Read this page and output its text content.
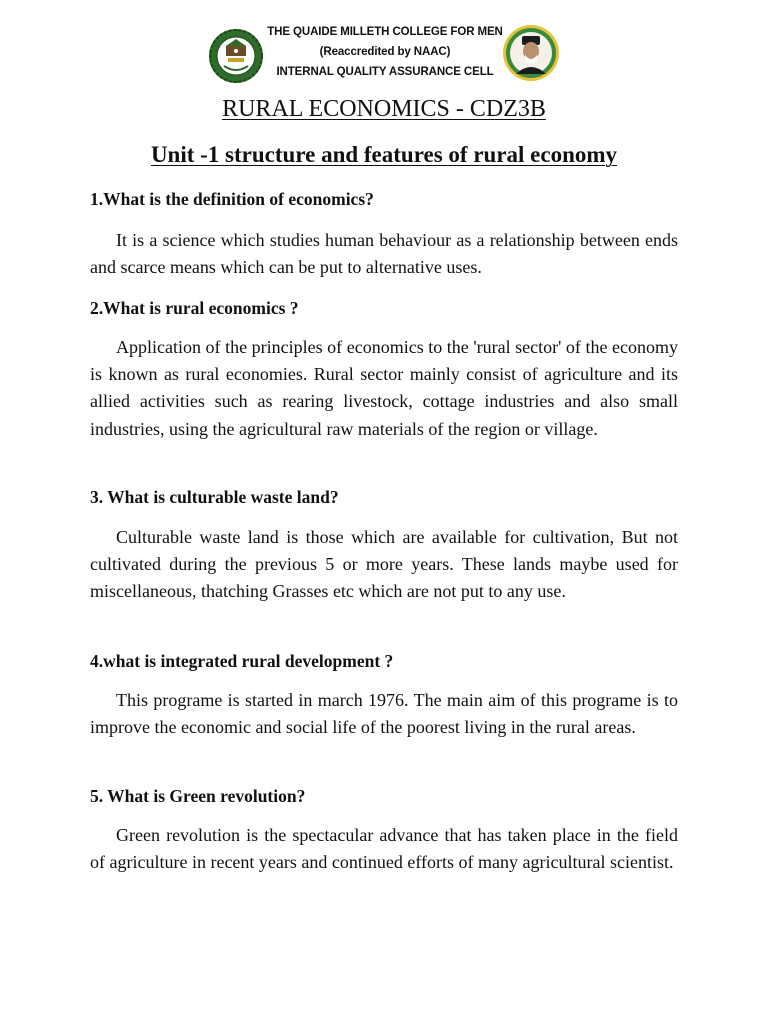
THE QUAIDE MILLETH COLLEGE FOR MEN
(Reaccredited by NAAC)
INTERNAL QUALITY ASSURANCE CELL
RURAL ECONOMICS - CDZ3B
Unit -1 structure and features of rural economy
1.What is the definition of economics?
It is a science which studies human behaviour as a relationship between ends and scarce means which can be put to alternative uses.
2.What is rural economics ?
Application of the principles of economics to the 'rural sector' of the economy is known as rural economies. Rural sector mainly consist of agriculture and its allied activities such as rearing livestock, cottage industries and also small industries, using the agricultural raw materials of the region or village.
3. What is culturable waste land?
Culturable waste land is those which are available for cultivation, But not cultivated during the previous 5 or more years. These lands maybe used for miscellaneous, thatching Grasses etc which are not put to any use.
4.what is integrated rural development ?
This programe is started in march 1976. The main aim of this programe is to improve the economic and social life of the poorest living in the rural areas.
5. What is Green revolution?
Green revolution is the spectacular advance that has taken place in the field of agriculture in recent years and continued efforts of many agricultural scientist.
